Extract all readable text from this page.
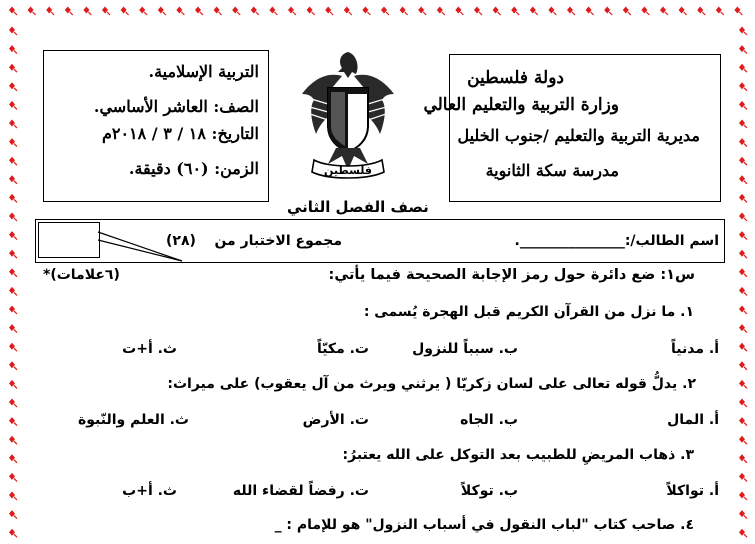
دولة فلسطين
وزارة التربية والتعليم العالي
مديرية التربية والتعليم /جنوب الخليل
مدرسة سكة الثانوية
التربية الإسلامية.
الصف: العاشر الأساسي.
التاريخ: ١٨ / ٣ / ٢٠١٨م
الزمن: (٦٠) دقيقة.	فلسطين
نصف الفصل الثاني
اسم الطالب/:_______________.
مجموع الاختبار من
(٢٨)
س١: ضع دائرة حول رمز الإجابة الصحيحة فيما يأتي:
*(٦علامات)
١. ما نزل من القرآن الكريم قبل الهجرة يُسمى :
أ. مدنياً
ب. سبباً للنزول
ت. مكيّاً
ث. أ+ت
٢. يدلُّ قوله تعالى على لسان زكريّا ( يرثني ويرث من آل يعقوب) على ميراث:
أ. المال
ب. الجاه
ت. الأرض
ث. العلم والنّبوة
٣. ذهاب المريضِ للطبيب بعد التوكل على الله يعتبرُ:
أ. تواكلاً
ب. توكلاً
ت. رفضاً لقضاء الله
ث. أ+ب
٤. صاحب كتاب "لباب النقول في أسباب النزول" هو للإمام : _
